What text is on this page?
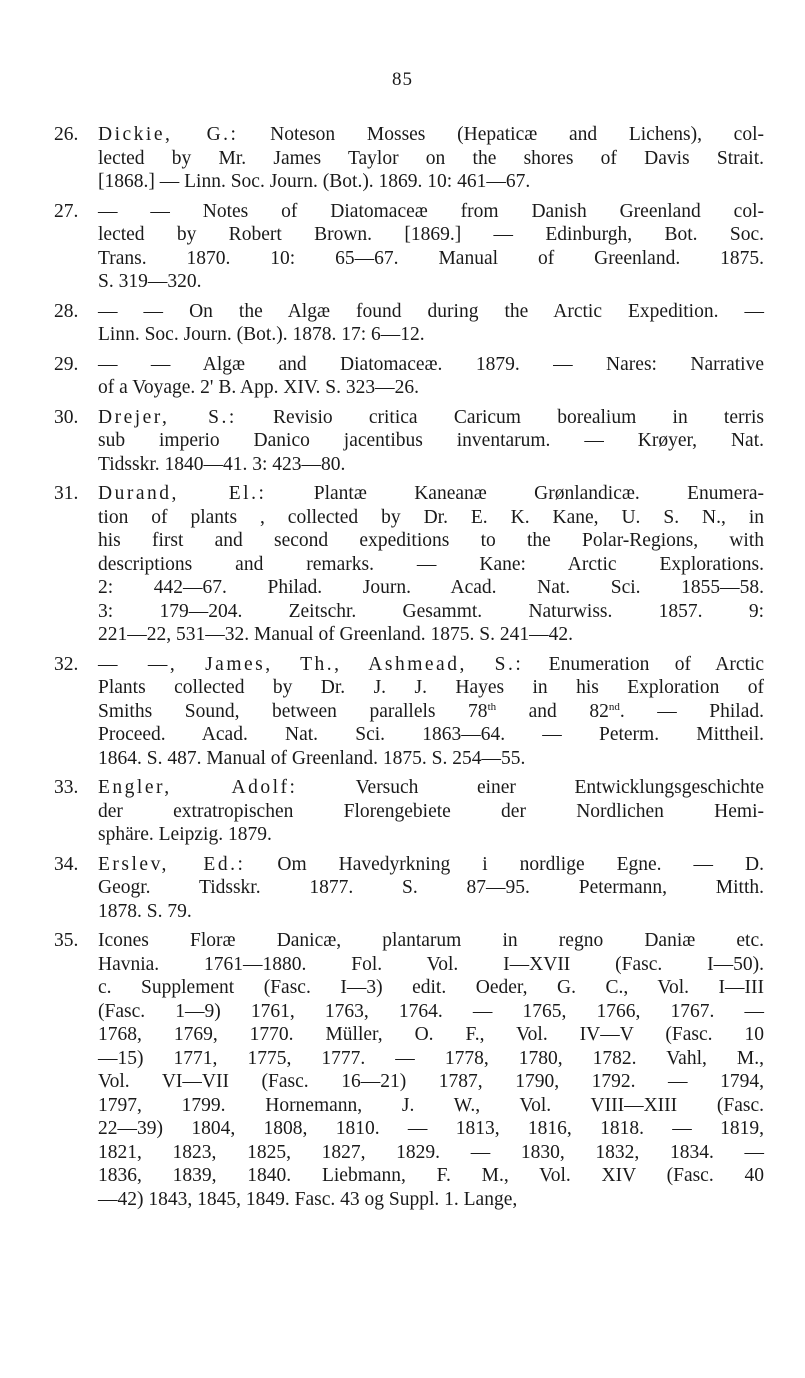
85
26.	Dickie, G.: Noteson Mosses (Hepaticæ and Lichens), col-
lected by Mr. James Taylor on the shores of Davis Strait.
[1868.] — Linn. Soc. Journ. (Bot.). 1869. 10: 461—67.
27.	— — Notes of Diatomaceæ from Danish Greenland col-
lected by Robert Brown. [1869.] — Edinburgh, Bot. Soc.
Trans. 1870. 10: 65—67. Manual of Greenland. 1875.
S. 319—320.
28.	— — On the Algæ found during the Arctic Expedition. —
Linn. Soc. Journ. (Bot.). 1878. 17: 6—12.
29.	— — Algæ and Diatomaceæ. 1879. — Nares: Narrative
of a Voyage. 2' B. App. XIV. S. 323—26.
30.	Drejer, S.: Revisio critica Caricum borealium in terris
sub imperio Danico jacentibus inventarum. — Krøyer, Nat.
Tidsskr. 1840—41. 3: 423—80.
31.	Durand, El.: Plantæ Kaneanæ Grønlandicæ. Enumera-
tion of plants , collected by Dr. E. K. Kane, U. S. N., in
his first and second expeditions to the Polar-Regions, with
descriptions and remarks. — Kane: Arctic Explorations.
2: 442—67. Philad. Journ. Acad. Nat. Sci. 1855—58.
3: 179—204. Zeitschr. Gesammt. Naturwiss. 1857. 9:
221—22, 531—32. Manual of Greenland. 1875. S. 241—42.
32.	— —, James, Th., Ashmead, S.: Enumeration of Arctic
Plants collected by Dr. J. J. Hayes in his Exploration of
Smiths Sound, between parallels 78th and 82nd. — Philad.
Proceed. Acad. Nat. Sci. 1863—64. — Peterm. Mittheil.
1864. S. 487. Manual of Greenland. 1875. S. 254—55.
33.	Engler, Adolf: Versuch einer Entwicklungsgeschichte
der extratropischen Florengebiete der Nordlichen Hemi-
sphäre. Leipzig. 1879.
34.	Erslev, Ed.: Om Havedyrkning i nordlige Egne. — D.
Geogr. Tidsskr. 1877. S. 87—95. Petermann, Mitth.
1878. S. 79.
35.	Icones Floræ Danicæ, plantarum in regno Daniæ etc.
Havnia. 1761—1880. Fol. Vol. I—XVII (Fasc. I—50).
c. Supplement (Fasc. I—3) edit. Oeder, G. C., Vol. I—III
(Fasc. 1—9) 1761, 1763, 1764. — 1765, 1766, 1767. —
1768, 1769, 1770. Müller, O. F., Vol. IV—V (Fasc. 10
—15) 1771, 1775, 1777. — 1778, 1780, 1782. Vahl, M.,
Vol. VI—VII (Fasc. 16—21) 1787, 1790, 1792. — 1794,
1797, 1799. Hornemann, J. W., Vol. VIII—XIII (Fasc.
22—39) 1804, 1808, 1810. — 1813, 1816, 1818. — 1819,
1821, 1823, 1825, 1827, 1829. — 1830, 1832, 1834. —
1836, 1839, 1840. Liebmann, F. M., Vol. XIV (Fasc. 40
—42) 1843, 1845, 1849. Fasc. 43 og Suppl. 1. Lange,
